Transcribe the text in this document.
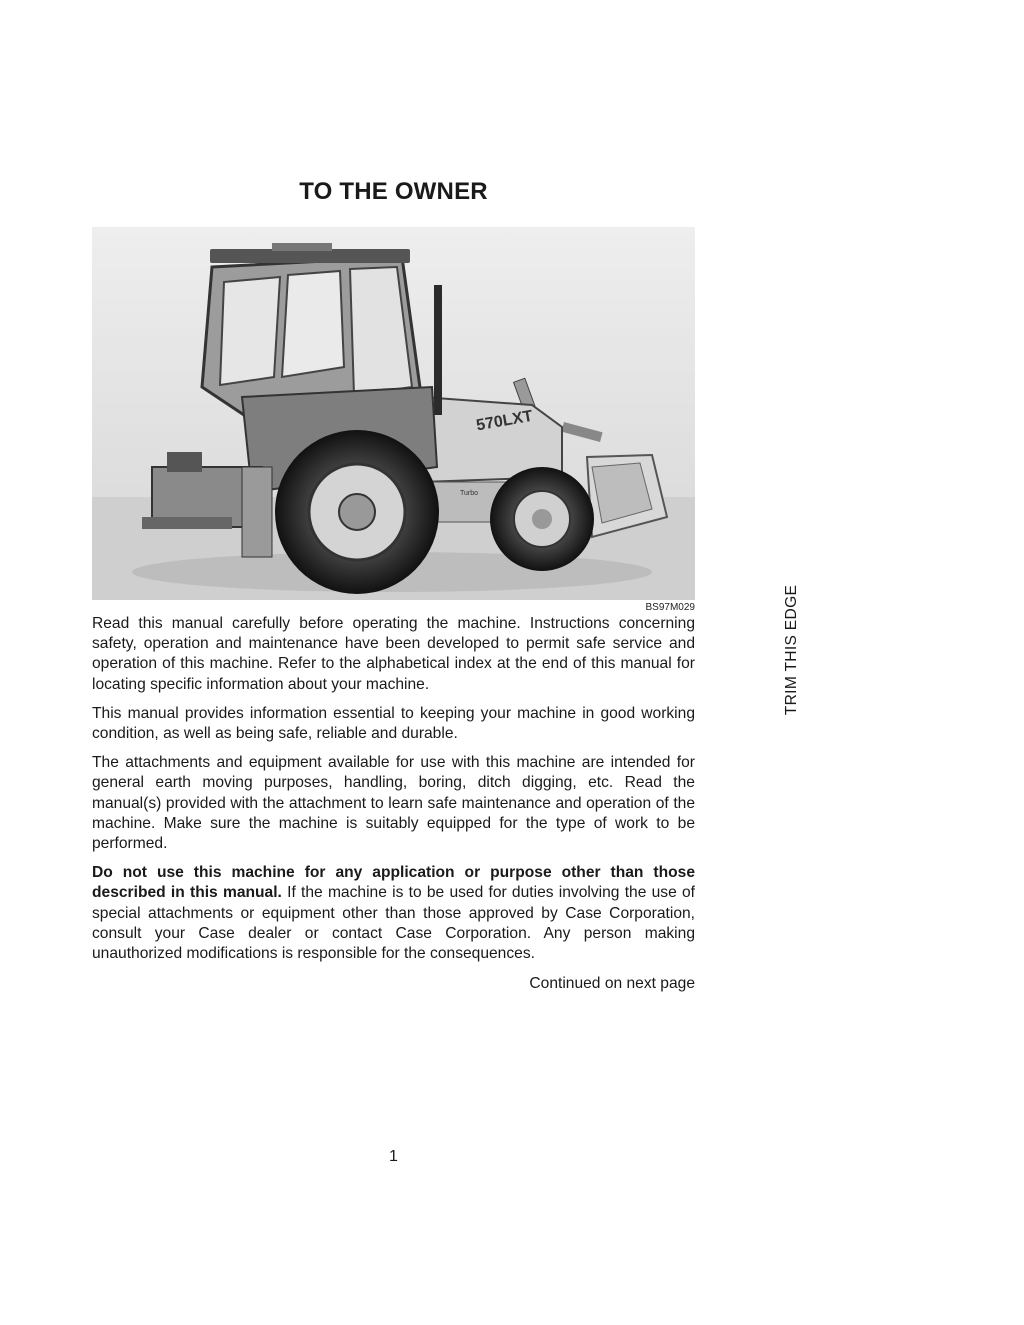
TO THE OWNER
570LXT
Turbo

BS97M029

Read this manual carefully before operating the machine. Instructions concerning safety, operation and maintenance have been developed to permit safe service and operation of this machine. Refer to the alphabetical index at the end of this manual for locating specific information about your machine.

This manual provides information essential to keeping your machine in good working condition, as well as being safe, reliable and durable.

The attachments and equipment available for use with this machine are intended for general earth moving purposes, handling, boring, ditch digging, etc. Read the manual(s) provided with the attachment to learn safe maintenance and operation of the machine. Make sure the machine is suitably equipped for the type of work to be performed.

Do not use this machine for any application or purpose other than those described in this manual. If the machine is to be used for duties involving the use of special attachments or equipment other than those approved by Case Corporation, consult your Case dealer or contact Case Corporation. Any person making unauthorized modifications is responsible for the consequences.

Continued on next page

TRIM THIS EDGE

1
